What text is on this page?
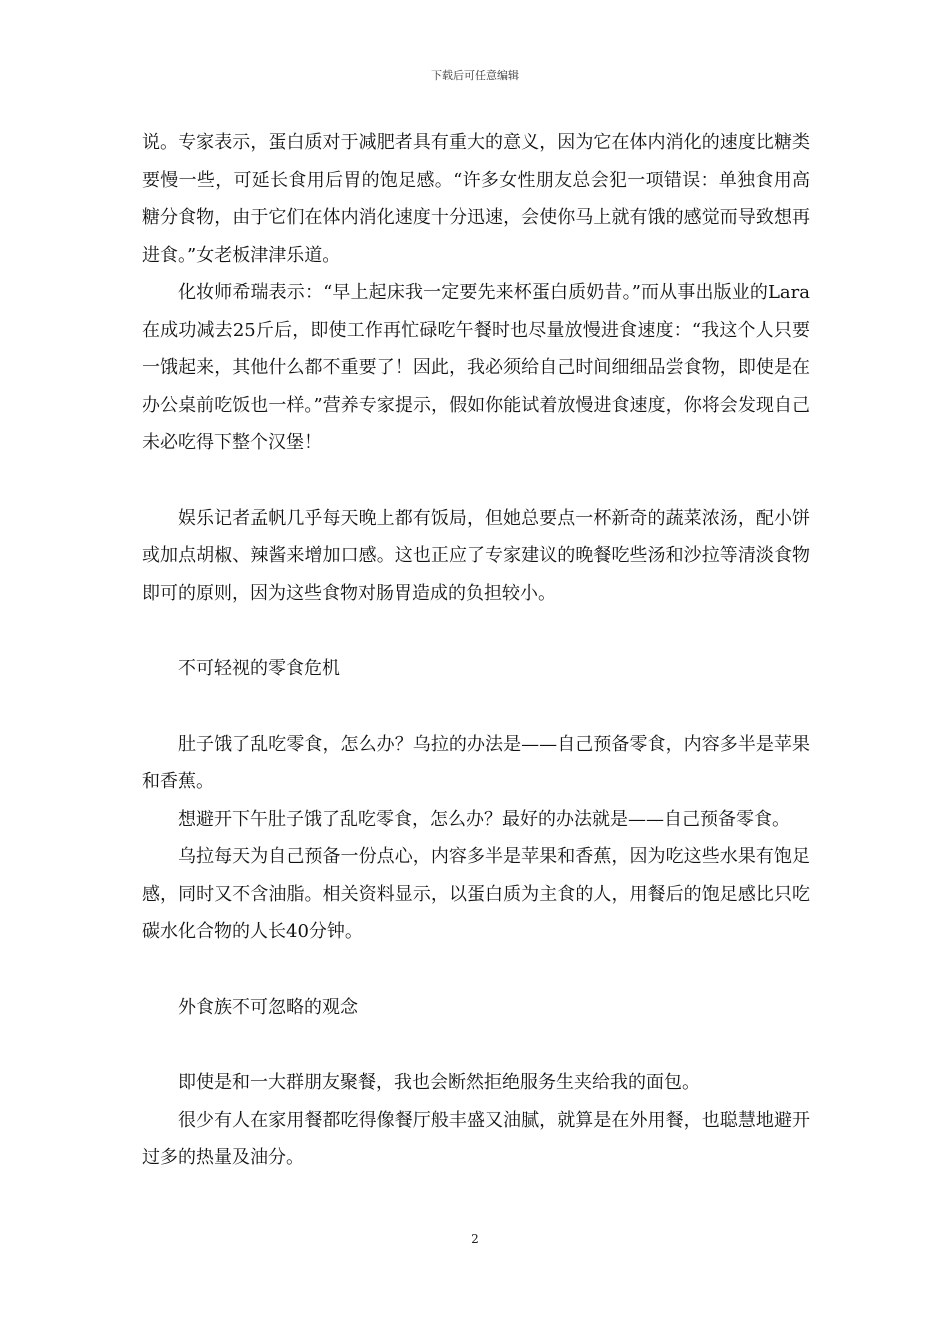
下载后可任意编辑

说。专家表示，蛋白质对于减肥者具有重大的意义，因为它在体内消化的速度比糖类要慢一些，可延长食用后胃的饱足感。“许多女性朋友总会犯一项错误：单独食用高糖分食物，由于它们在体内消化速度十分迅速，会使你马上就有饿的感觉而导致想再进食。”女老板津津乐道。

化妆师希瑞表示：“早上起床我一定要先来杯蛋白质奶昔。”而从事出版业的Lara在成功减去25斤后，即使工作再忙碌吃午餐时也尽量放慢进食速度：“我这个人只要一饿起来，其他什么都不重要了！因此，我必须给自己时间细细品尝食物，即使是在办公桌前吃饭也一样。”营养专家提示，假如你能试着放慢进食速度，你将会发现自己未必吃得下整个汉堡！

娱乐记者孟帆几乎每天晚上都有饭局，但她总要点一杯新奇的蔬菜浓汤，配小饼或加点胡椒、辣酱来增加口感。这也正应了专家建议的晚餐吃些汤和沙拉等清淡食物即可的原则，因为这些食物对肠胃造成的负担较小。

不可轻视的零食危机

肚子饿了乱吃零食，怎么办？乌拉的办法是——自己预备零食，内容多半是苹果和香蕉。

想避开下午肚子饿了乱吃零食，怎么办？最好的办法就是——自己预备零食。

乌拉每天为自己预备一份点心，内容多半是苹果和香蕉，因为吃这些水果有饱足感，同时又不含油脂。相关资料显示，以蛋白质为主食的人，用餐后的饱足感比只吃碳水化合物的人长40分钟。

外食族不可忽略的观念

即使是和一大群朋友聚餐，我也会断然拒绝服务生夹给我的面包。

很少有人在家用餐都吃得像餐厅般丰盛又油腻，就算是在外用餐，也聪慧地避开过多的热量及油分。

2
